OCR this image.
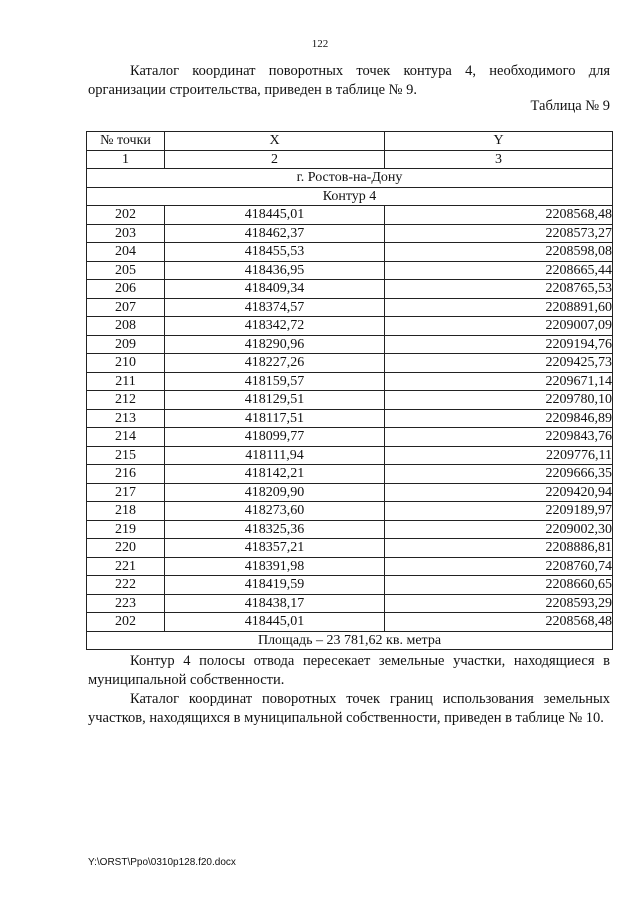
122

Каталог координат поворотных точек контура 4, необходимого для организации строительства, приведен в таблице № 9.

Таблица № 9
№ точки	X	Y
1	2	3
г. Ростов-на-Дону		
Контур 4		
202	418445,01	2208568,48
203	418462,37	2208573,27
204	418455,53	2208598,08
205	418436,95	2208665,44
206	418409,34	2208765,53
207	418374,57	2208891,60
208	418342,72	2209007,09
209	418290,96	2209194,76
210	418227,26	2209425,73
211	418159,57	2209671,14
212	418129,51	2209780,10
213	418117,51	2209846,89
214	418099,77	2209843,76
215	418111,94	2209776,11
216	418142,21	2209666,35
217	418209,90	2209420,94
218	418273,60	2209189,97
219	418325,36	2209002,30
220	418357,21	2208886,81
221	418391,98	2208760,74
222	418419,59	2208660,65
223	418438,17	2208593,29
202	418445,01	2208568,48
Площадь – 23 781,62 кв. метра		

Контур 4 полосы отвода пересекает земельные участки, находящиеся в муниципальной собственности.

Каталог координат поворотных точек границ использования земельных участков, находящихся в муниципальной собственности, приведен в таблице № 10.

Y:\ORST\Ppo\0310p128.f20.docx
